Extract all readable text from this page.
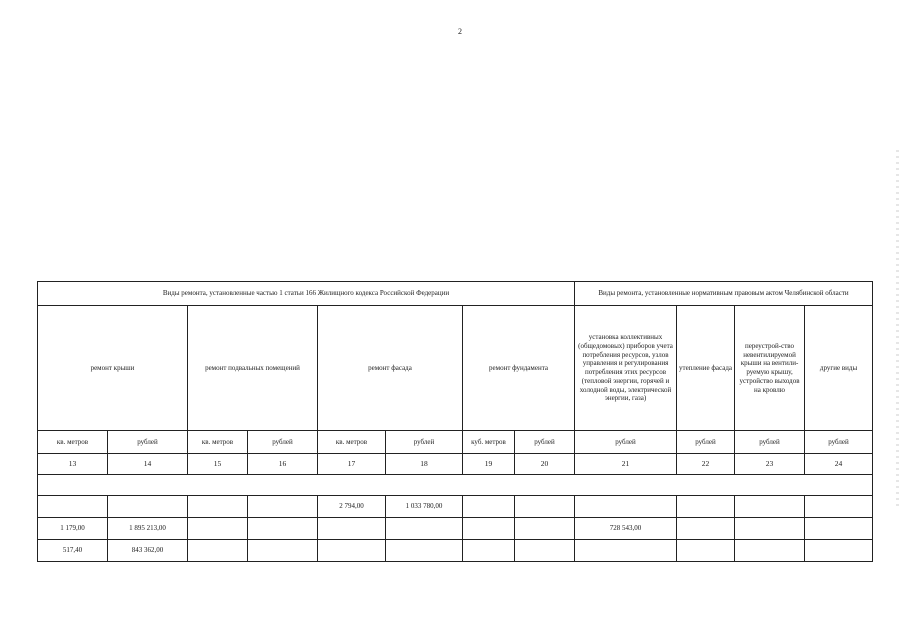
2
Виды ремонта, установленные частью 1 статьи 166 Жилищного кодекса Российской Федерации								Виды ремонта, установленные нормативным правовым актом Челябинской области			
ремонт крыши		ремонт подвальных помещений		ремонт фасада		ремонт фундамента		установка коллективных (общедомовых) приборов учета потребления ресурсов, узлов управления и регулирования потребления этих ресурсов (тепловой энергии, горячей и холодной воды, электрической энергии, газа)	утепление фасада	переустрой-ство невентилируемой крыши на вентили-руемую крышу, устройство выходов на кровлю	другие виды
кв. метров	рублей	кв. метров	рублей	кв. метров	рублей	куб. метров	рублей	рублей	рублей	рублей	рублей
13	14	15	16	17	18	19	20	21	22	23	24

				2 794,00	1 033 780,00						
1 179,00	1 895 213,00							728 543,00			
517,40	843 362,00										
